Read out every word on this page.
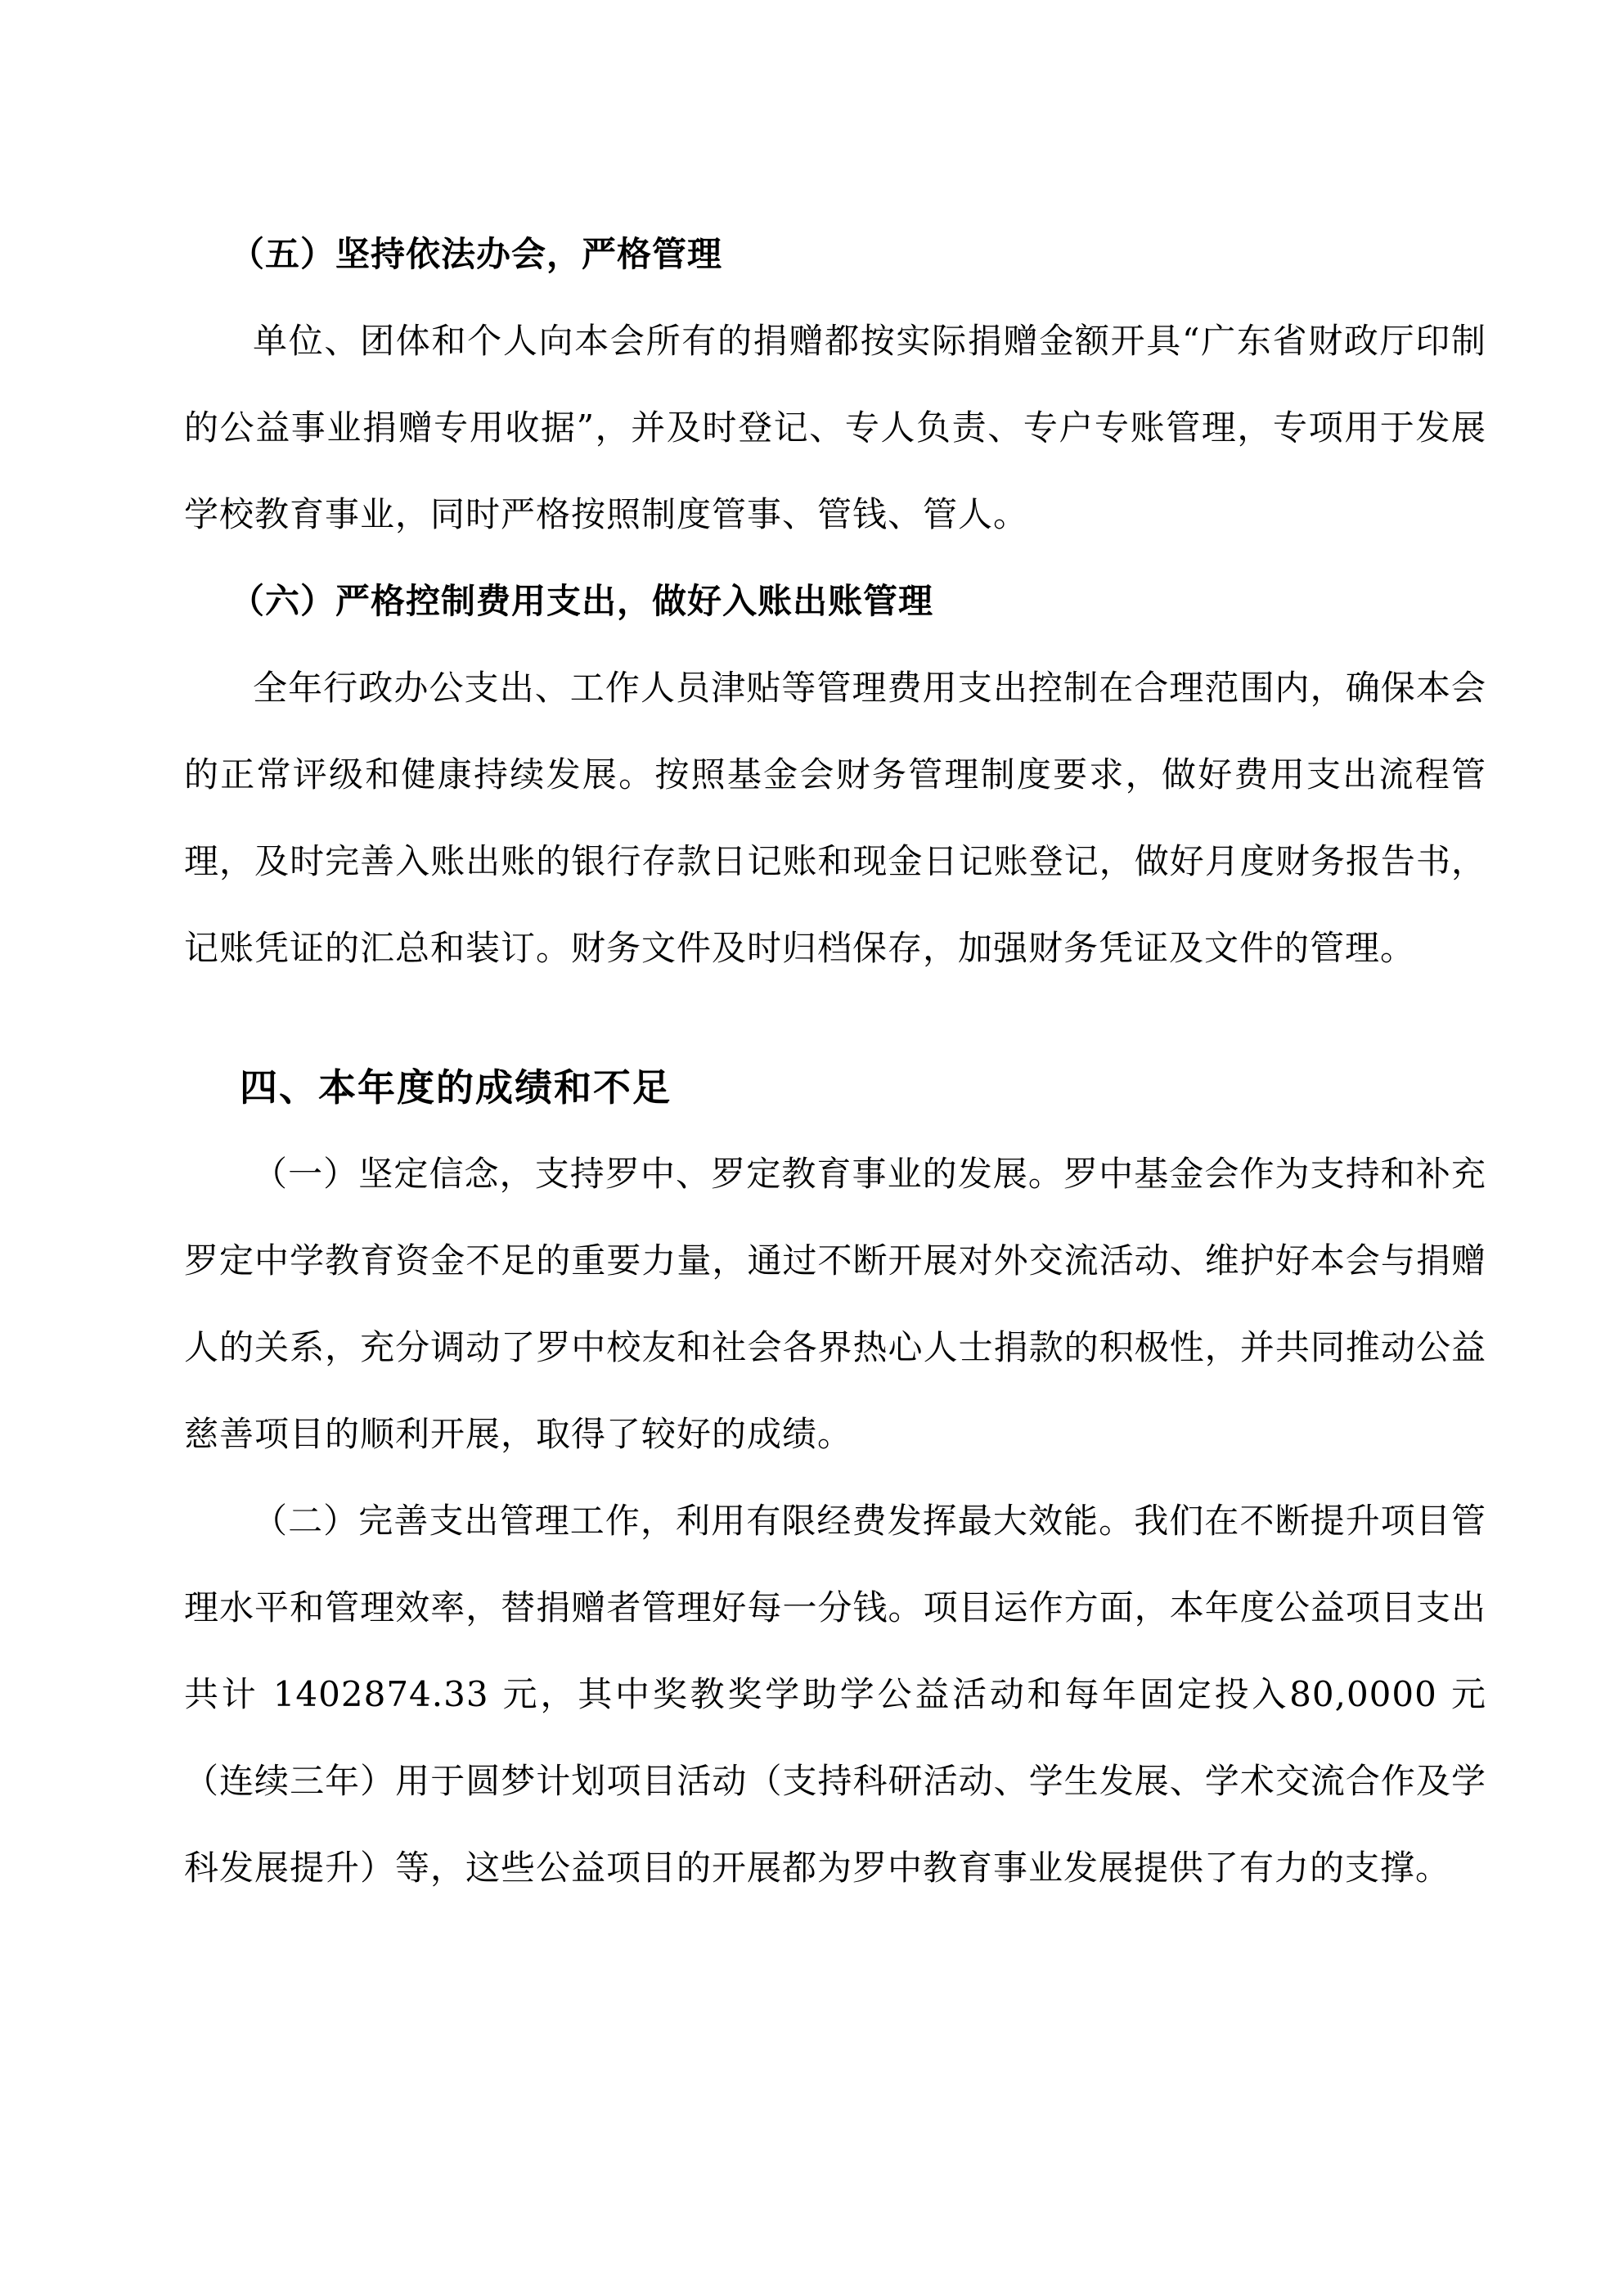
（五）坚持依法办会，严格管理

单位、团体和个人向本会所有的捐赠都按实际捐赠金额开具“广东省财政厅印制的公益事业捐赠专用收据”，并及时登记、专人负责、专户专账管理，专项用于发展学校教育事业，同时严格按照制度管事、管钱、管人。

（六）严格控制费用支出，做好入账出账管理

全年行政办公支出、工作人员津贴等管理费用支出控制在合理范围内，确保本会的正常评级和健康持续发展。按照基金会财务管理制度要求，做好费用支出流程管理，及时完善入账出账的银行存款日记账和现金日记账登记，做好月度财务报告书，记账凭证的汇总和装订。财务文件及时归档保存，加强财务凭证及文件的管理。

四、本年度的成绩和不足

（一）坚定信念，支持罗中、罗定教育事业的发展。罗中基金会作为支持和补充罗定中学教育资金不足的重要力量，通过不断开展对外交流活动、维护好本会与捐赠人的关系，充分调动了罗中校友和社会各界热心人士捐款的积极性，并共同推动公益慈善项目的顺利开展，取得了较好的成绩。

（二）完善支出管理工作，利用有限经费发挥最大效能。我们在不断提升项目管理水平和管理效率，替捐赠者管理好每一分钱。项目运作方面，本年度公益项目支出共计 1402874.33 元，其中奖教奖学助学公益活动和每年固定投入80,0000 元（连续三年）用于圆梦计划项目活动（支持科研活动、学生发展、学术交流合作及学科发展提升）等，这些公益项目的开展都为罗中教育事业发展提供了有力的支撑。
